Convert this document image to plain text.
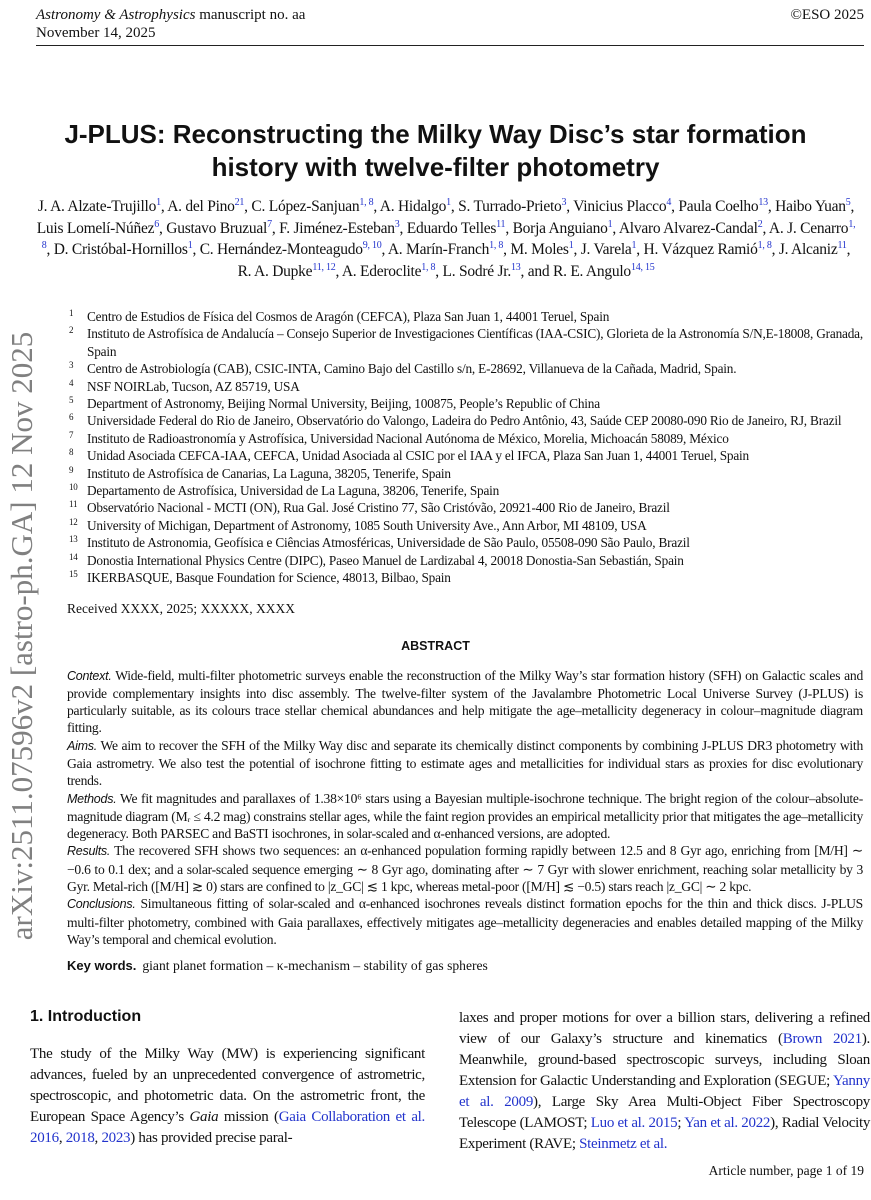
Astronomy & Astrophysics manuscript no. aa
November 14, 2025
©ESO 2025
arXiv:2511.07596v2 [astro-ph.GA] 12 Nov 2025
J-PLUS: Reconstructing the Milky Way Disc’s star formation history with twelve-filter photometry
J. A. Alzate-Trujillo$^1$, A. del Pino$^{21}$, C. López-Sanjuan$^{1, 8}$, A. Hidalgo$^1$, S. Turrado-Prieto$^3$, Vinicius Placco$^4$, Paula Coelho$^{13}$, Haibo Yuan$^5$, Luis Lomelí-Núñez$^6$, Gustavo Bruzual$^7$, F. Jiménez-Esteban$^3$, Eduardo Telles$^{11}$, Borja Anguiano$^1$, Alvaro Alvarez-Candal$^2$, A. J. Cenarro$^{1, 8}$, D. Cristóbal-Hornillos$^1$, C. Hernández-Monteagudo$^{9, 10}$, A. Marín-Franch$^{1, 8}$, M. Moles$^1$, J. Varela$^1$, H. Vázquez Ramió$^{1, 8}$, J. Alcaniz$^{11}$, R. A. Dupke$^{11, 12}$, A. Ederoclite$^{1, 8}$, L. Sodré Jr.$^{13}$, and R. E. Angulo$^{14, 15}$
1 Centro de Estudios de Física del Cosmos de Aragón (CEFCA), Plaza San Juan 1, 44001 Teruel, Spain
2 Instituto de Astrofísica de Andalucía – Consejo Superior de Investigaciones Científicas (IAA-CSIC), Glorieta de la Astronomía S/N,E-18008, Granada, Spain
3 Centro de Astrobiología (CAB), CSIC-INTA, Camino Bajo del Castillo s/n, E-28692, Villanueva de la Cañada, Madrid, Spain.
4 NSF NOIRLab, Tucson, AZ 85719, USA
5 Department of Astronomy, Beijing Normal University, Beijing, 100875, People’s Republic of China
6 Universidade Federal do Rio de Janeiro, Observatório do Valongo, Ladeira do Pedro Antônio, 43, Saúde CEP 20080-090 Rio de Janeiro, RJ, Brazil
7 Instituto de Radioastronomía y Astrofísica, Universidad Nacional Autónoma de México, Morelia, Michoacán 58089, México
8 Unidad Asociada CEFCA-IAA, CEFCA, Unidad Asociada al CSIC por el IAA y el IFCA, Plaza San Juan 1, 44001 Teruel, Spain
9 Instituto de Astrofísica de Canarias, La Laguna, 38205, Tenerife, Spain
10 Departamento de Astrofísica, Universidad de La Laguna, 38206, Tenerife, Spain
11 Observatório Nacional - MCTI (ON), Rua Gal. José Cristino 77, São Cristóvão, 20921-400 Rio de Janeiro, Brazil
12 University of Michigan, Department of Astronomy, 1085 South University Ave., Ann Arbor, MI 48109, USA
13 Instituto de Astronomia, Geofísica e Ciências Atmosféricas, Universidade de São Paulo, 05508-090 São Paulo, Brazil
14 Donostia International Physics Centre (DIPC), Paseo Manuel de Lardizabal 4, 20018 Donostia-San Sebastián, Spain
15 IKERBASQUE, Basque Foundation for Science, 48013, Bilbao, Spain
Received XXXX, 2025; XXXXX, XXXX
ABSTRACT

Context. Wide-field, multi-filter photometric surveys enable the reconstruction of the Milky Way’s star formation history (SFH) on Galactic scales and provide complementary insights into disc assembly. The twelve-filter system of the Javalambre Photometric Local Universe Survey (J-PLUS) is particularly suitable, as its colours trace stellar chemical abundances and help mitigate the age–metallicity degeneracy in colour–magnitude diagram fitting.

Aims. We aim to recover the SFH of the Milky Way disc and separate its chemically distinct components by combining J-PLUS DR3 photometry with Gaia astrometry. We also test the potential of isochrone fitting to estimate ages and metallicities for individual stars as proxies for disc evolutionary trends.

Methods. We fit magnitudes and parallaxes of 1.38×10⁶ stars using a Bayesian multiple-isochrone technique. The bright region of the colour–absolute-magnitude diagram (Mᵣ ≤ 4.2 mag) constrains stellar ages, while the faint region provides an empirical metallicity prior that mitigates the age–metallicity degeneracy. Both PARSEC and BaSTI isochrones, in solar-scaled and α-enhanced versions, are adopted.

Results. The recovered SFH shows two sequences: an α-enhanced population forming rapidly between 12.5 and 8 Gyr ago, enriching from [M/H] ∼ −0.6 to 0.1 dex; and a solar-scaled sequence emerging ∼ 8 Gyr ago, dominating after ∼ 7 Gyr with slower enrichment, reaching solar metallicity by 3 Gyr. Metal-rich ([M/H] ≳ 0) stars are confined to |z_GC| ≲ 1 kpc, whereas metal-poor ([M/H] ≲ −0.5) stars reach |z_GC| ∼ 2 kpc.

Conclusions. Simultaneous fitting of solar-scaled and α-enhanced isochrones reveals distinct formation epochs for the thin and thick discs. J-PLUS multi-filter photometry, combined with Gaia parallaxes, effectively mitigates age–metallicity degeneracies and enables detailed mapping of the Milky Way’s temporal and chemical evolution.

Key words. giant planet formation – κ-mechanism – stability of gas spheres
1. Introduction
The study of the Milky Way (MW) is experiencing significant advances, fueled by an unprecedented convergence of astrometric, spectroscopic, and photometric data. On the astrometric front, the European Space Agency’s Gaia mission (Gaia Collaboration et al. 2016, 2018, 2023) has provided precise paral-
laxes and proper motions for over a billion stars, delivering a refined view of our Galaxy’s structure and kinematics (Brown 2021). Meanwhile, ground-based spectroscopic surveys, including Sloan Extension for Galactic Understanding and Exploration (SEGUE; Yanny et al. 2009), Large Sky Area Multi-Object Fiber Spectroscopy Telescope (LAMOST; Luo et al. 2015; Yan et al. 2022), Radial Velocity Experiment (RAVE; Steinmetz et al.
Article number, page 1 of 19
